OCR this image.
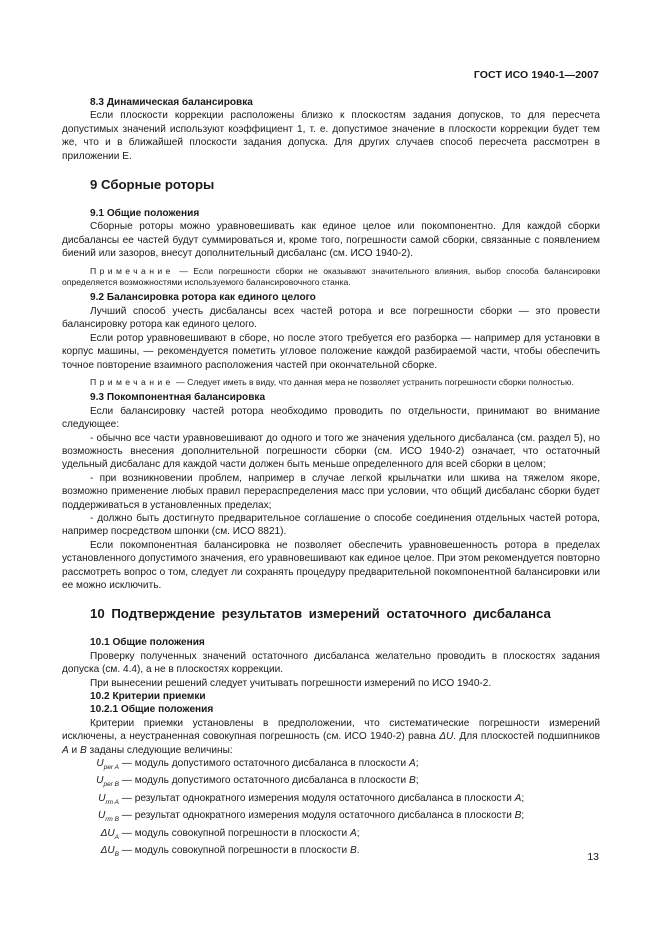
ГОСТ ИСО 1940-1—2007
8.3 Динамическая балансировка

Если плоскости коррекции расположены близко к плоскостям задания допусков, то для пересчета допустимых значений используют коэффициент 1, т. е. допустимое значение в плоскости коррекции будет тем же, что и в ближайшей плоскости задания допуска. Для других случаев способ пересчета рассмотрен в приложении Е.

9 Сборные роторы
9.1 Общие положения

Сборные роторы можно уравновешивать как единое целое или покомпонентно. Для каждой сборки дисбалансы ее частей будут суммироваться и, кроме того, погрешности самой сборки, связанные с появлением биений или зазоров, внесут дополнительный дисбаланс (см. ИСО 1940-2).

Примечание — Если погрешности сборки не оказывают значительного влияния, выбор способа балансировки определяется возможностями используемого балансировочного станка.

9.2 Балансировка ротора как единого целого

Лучший способ учесть дисбалансы всех частей ротора и все погрешности сборки — это провести балансировку ротора как единого целого.

Если ротор уравновешивают в сборе, но после этого требуется его разборка — например для установки в корпус машины, — рекомендуется пометить угловое положение каждой разбираемой части, чтобы обеспечить точное повторение взаимного расположения частей при окончательной сборке.

Примечание — Следует иметь в виду, что данная мера не позволяет устранить погрешности сборки полностью.

9.3 Покомпонентная балансировка

Если балансировку частей ротора необходимо проводить по отдельности, принимают во внимание следующее:

- обычно все части уравновешивают до одного и того же значения удельного дисбаланса (см. раздел 5), но возможность внесения дополнительной погрешности сборки (см. ИСО 1940-2) означает, что остаточный удельный дисбаланс для каждой части должен быть меньше определенного для всей сборки в целом;

- при возникновении проблем, например в случае легкой крыльчатки или шкива на тяжелом якоре, возможно применение любых правил перераспределения масс при условии, что общий дисбаланс сборки будет поддерживаться в установленных пределах;

- должно быть достигнуто предварительное соглашение о способе соединения отдельных частей ротора, например посредством шпонки (см. ИСО 8821).

Если покомпонентная балансировка не позволяет обеспечить уравновешенность ротора в пределах установленного допустимого значения, его уравновешивают как единое целое. При этом рекомендуется повторно рассмотреть вопрос о том, следует ли сохранять процедуру предварительной покомпонентной балансировки или ее можно исключить.

10 Подтверждение результатов измерений остаточного дисбаланса
10.1 Общие положения

Проверку полученных значений остаточного дисбаланса желательно проводить в плоскостях задания допуска (см. 4.4), а не в плоскостях коррекции.

При вынесении решений следует учитывать погрешности измерений по ИСО 1940-2.

10.2 Критерии приемки
10.2.1 Общие положения

Критерии приемки установлены в предположении, что систематические погрешности измерений исключены, а неустраненная совокупная погрешность (см. ИСО 1940-2) равна ΔU. Для плоскостей подшипников A и B заданы следующие величины:

$U_{per A}$ — модуль допустимого остаточного дисбаланса в плоскости A;

$U_{per B}$ — модуль допустимого остаточного дисбаланса в плоскости B;

$U_{rm A}$ — результат однократного измерения модуля остаточного дисбаланса в плоскости A;

$U_{rm B}$ — результат однократного измерения модуля остаточного дисбаланса в плоскости B;

$\Delta U_A$ — модуль совокупной погрешности в плоскости A;

$\Delta U_B$ — модуль совокупной погрешности в плоскости B.

13
